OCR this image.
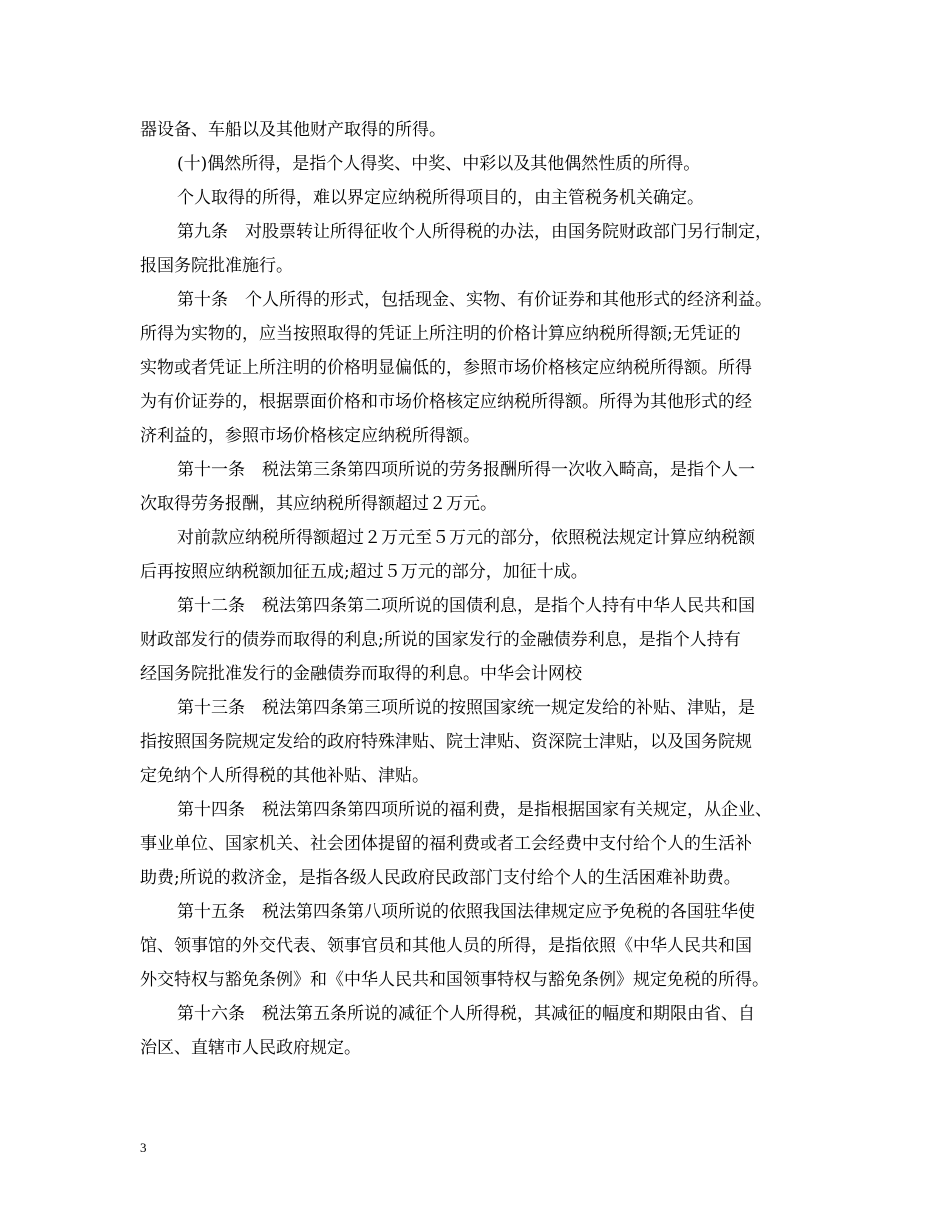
器设备、车船以及其他财产取得的所得。

(十)偶然所得，是指个人得奖、中奖、中彩以及其他偶然性质的所得。

个人取得的所得，难以界定应纳税所得项目的，由主管税务机关确定。

第九条　对股票转让所得征收个人所得税的办法，由国务院财政部门另行制定，
报国务院批准施行。

第十条　个人所得的形式，包括现金、实物、有价证券和其他形式的经济利益。
所得为实物的，应当按照取得的凭证上所注明的价格计算应纳税所得额;无凭证的
实物或者凭证上所注明的价格明显偏低的，参照市场价格核定应纳税所得额。所得
为有价证券的，根据票面价格和市场价格核定应纳税所得额。所得为其他形式的经
济利益的，参照市场价格核定应纳税所得额。

第十一条　税法第三条第四项所说的劳务报酬所得一次收入畸高，是指个人一
次取得劳务报酬，其应纳税所得额超过２万元。

对前款应纳税所得额超过２万元至５万元的部分，依照税法规定计算应纳税额
后再按照应纳税额加征五成;超过５万元的部分，加征十成。

第十二条　税法第四条第二项所说的国债利息，是指个人持有中华人民共和国
财政部发行的债券而取得的利息;所说的国家发行的金融债券利息，是指个人持有
经国务院批准发行的金融债券而取得的利息。中华会计网校

第十三条　税法第四条第三项所说的按照国家统一规定发给的补贴、津贴，是
指按照国务院规定发给的政府特殊津贴、院士津贴、资深院士津贴，以及国务院规
定免纳个人所得税的其他补贴、津贴。

第十四条　税法第四条第四项所说的福利费，是指根据国家有关规定，从企业、
事业单位、国家机关、社会团体提留的福利费或者工会经费中支付给个人的生活补
助费;所说的救济金，是指各级人民政府民政部门支付给个人的生活困难补助费。

第十五条　税法第四条第八项所说的依照我国法律规定应予免税的各国驻华使
馆、领事馆的外交代表、领事官员和其他人员的所得，是指依照《中华人民共和国
外交特权与豁免条例》和《中华人民共和国领事特权与豁免条例》规定免税的所得。

第十六条　税法第五条所说的减征个人所得税，其减征的幅度和期限由省、自
治区、直辖市人民政府规定。

3
